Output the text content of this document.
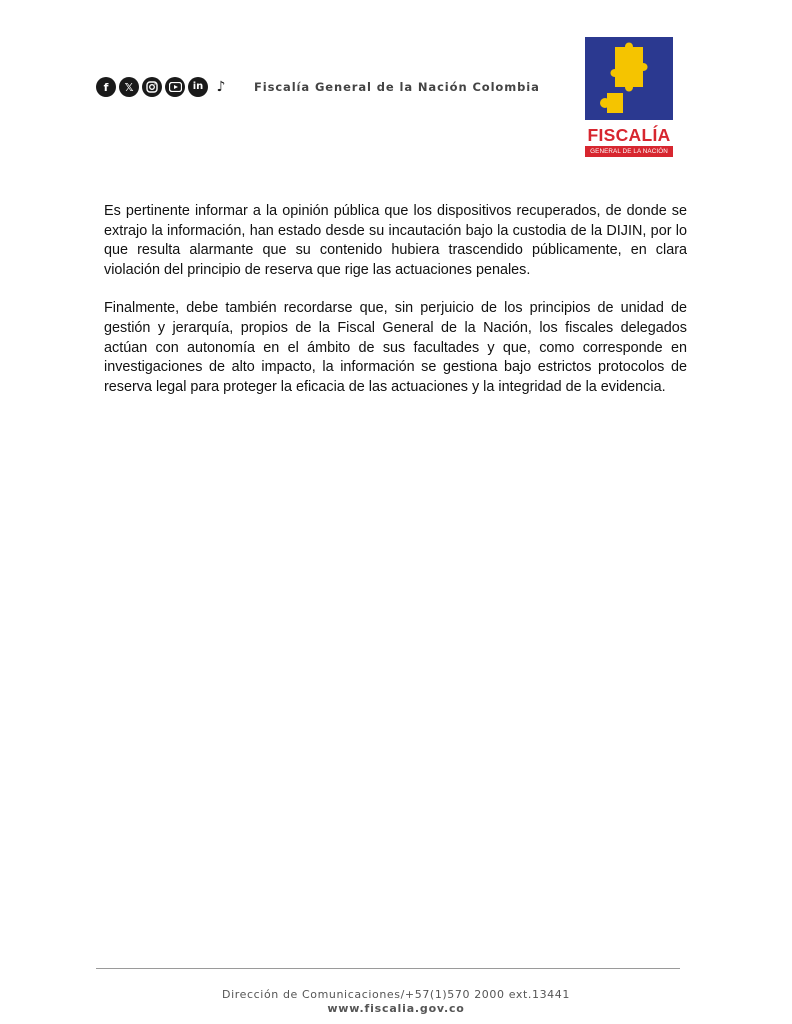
f	𝕏	in ♪	Fiscalía General de la Nación Colombia
FISCALÍA
GENERAL DE LA NACIÓN

Es pertinente informar a la opinión pública que los dispositivos recuperados, de donde se extrajo la información, han estado desde su incautación bajo la custodia de la DIJIN, por lo que resulta alarmante que su contenido hubiera trascendido públicamente, en clara violación del principio de reserva que rige las actuaciones penales.

Finalmente, debe también recordarse que, sin perjuicio de los principios de unidad de gestión y jerarquía, propios de la Fiscal General de la Nación, los fiscales delegados actúan con autonomía en el ámbito de sus facultades y que, como corresponde en investigaciones de alto impacto, la información se gestiona bajo estrictos protocolos de reserva legal para proteger la eficacia de las actuaciones y la integridad de la evidencia.

Dirección de Comunicaciones/+57(1)570 2000 ext.13441
www.fiscalia.gov.co
